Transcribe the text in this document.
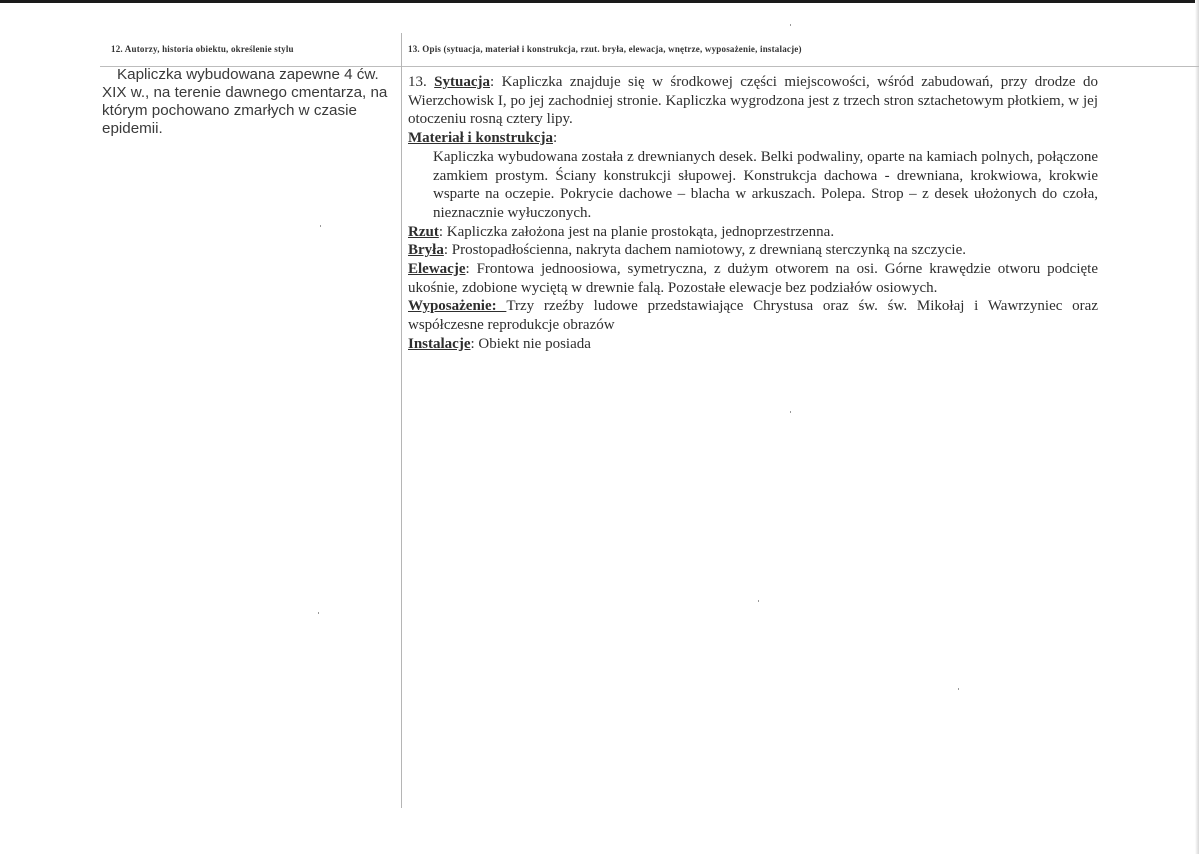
12. Autorzy, historia obiektu, określenie stylu

Kapliczka wybudowana zapewne 4 ćw. XIX w., na terenie dawnego cmentarza, na którym pochowano zmarłych w czasie epidemii.

13. Opis (sytuacja, materiał i konstrukcja, rzut. bryła, elewacja, wnętrze, wyposażenie, instalacje)

13. Sytuacja: Kapliczka znajduje się w środkowej części miejscowości, wśród zabudowań, przy drodze do Wierzchowisk I, po jej zachodniej stronie. Kapliczka wygrodzona jest z trzech stron sztachetowym płotkiem, w jej otoczeniu rosną cztery lipy.

Materiał i konstrukcja:

Kapliczka wybudowana została z drewnianych desek. Belki podwaliny, oparte na kamiach polnych, połączone zamkiem prostym. Ściany konstrukcji słupowej. Konstrukcja dachowa - drewniana, krokwiowa, krokwie wsparte na oczepie. Pokrycie dachowe – blacha w arkuszach. Polepa. Strop – z desek ułożonych do czoła, nieznacznie wyłuczonych.

Rzut: Kapliczka założona jest na planie prostokąta, jednoprzestrzenna.

Bryła: Prostopadłościenna, nakryta dachem namiotowy, z drewnianą sterczynką na szczycie.

Elewacje: Frontowa jednoosiowa, symetryczna, z dużym otworem na osi. Górne krawędzie otworu podcięte ukośnie, zdobione wyciętą w drewnie falą. Pozostałe elewacje bez podziałów osiowych.

Wyposażenie: Trzy rzeźby ludowe przedstawiające Chrystusa oraz św. św. Mikołaj i Wawrzyniec oraz współczesne reprodukcje obrazów

Instalacje: Obiekt nie posiada
